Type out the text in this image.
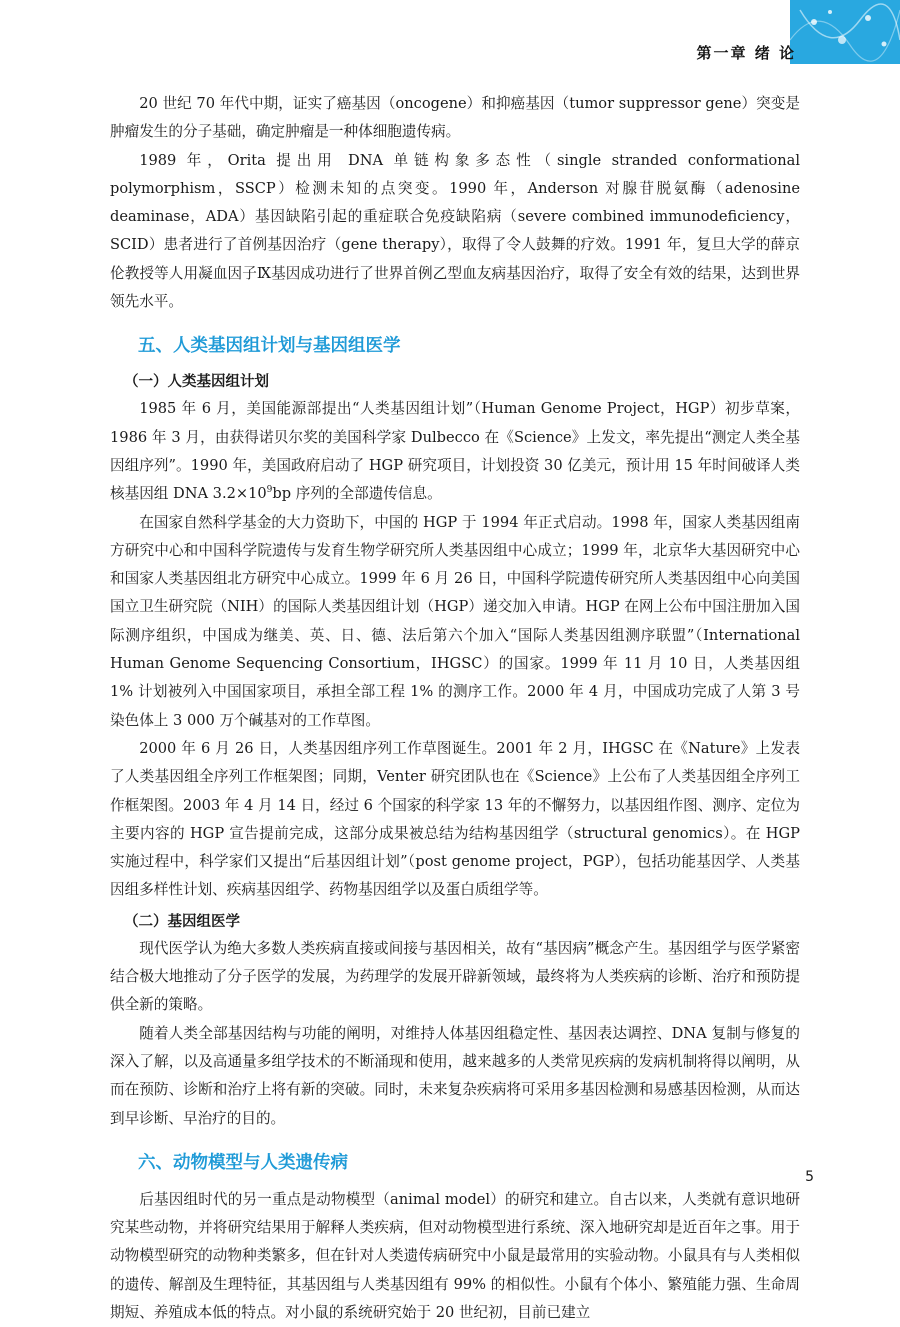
第一章 绪 论

20 世纪 70 年代中期，证实了癌基因（oncogene）和抑癌基因（tumor suppressor gene）突变是肿瘤发生的分子基础，确定肿瘤是一种体细胞遗传病。

1989 年，Orita 提出用 DNA 单链构象多态性（single stranded conformational polymorphism，SSCP）检测未知的点突变。1990 年，Anderson 对腺苷脱氨酶（adenosine deaminase，ADA）基因缺陷引起的重症联合免疫缺陷病（severe combined immunodeficiency，SCID）患者进行了首例基因治疗（gene therapy），取得了令人鼓舞的疗效。1991 年，复旦大学的薛京伦教授等人用凝血因子Ⅸ基因成功进行了世界首例乙型血友病基因治疗，取得了安全有效的结果，达到世界领先水平。

五、人类基因组计划与基因组医学
（一）人类基因组计划

1985 年 6 月，美国能源部提出“人类基因组计划”（Human Genome Project，HGP）初步草案，1986 年 3 月，由获得诺贝尔奖的美国科学家 Dulbecco 在《Science》上发文，率先提出“测定人类全基因组序列”。1990 年，美国政府启动了 HGP 研究项目，计划投资 30 亿美元，预计用 15 年时间破译人类核基因组 DNA $3.2\times 10^9bp$ 序列的全部遗传信息。

在国家自然科学基金的大力资助下，中国的 HGP 于 1994 年正式启动。1998 年，国家人类基因组南方研究中心和中国科学院遗传与发育生物学研究所人类基因组中心成立；1999 年，北京华大基因研究中心和国家人类基因组北方研究中心成立。1999 年 6 月 26 日，中国科学院遗传研究所人类基因组中心向美国国立卫生研究院（NIH）的国际人类基因组计划（HGP）递交加入申请。HGP 在网上公布中国注册加入国际测序组织，中国成为继美、英、日、德、法后第六个加入“国际人类基因组测序联盟”（International Human Genome Sequencing Consortium，IHGSC）的国家。1999 年 11 月 10 日，人类基因组 1% 计划被列入中国国家项目，承担全部工程 1% 的测序工作。2000 年 4 月，中国成功完成了人第 3 号染色体上 3 000 万个碱基对的工作草图。

2000 年 6 月 26 日，人类基因组序列工作草图诞生。2001 年 2 月，IHGSC 在《Nature》上发表了人类基因组全序列工作框架图；同期，Venter 研究团队也在《Science》上公布了人类基因组全序列工作框架图。2003 年 4 月 14 日，经过 6 个国家的科学家 13 年的不懈努力，以基因组作图、测序、定位为主要内容的 HGP 宣告提前完成，这部分成果被总结为结构基因组学（structural genomics）。在 HGP 实施过程中，科学家们又提出“后基因组计划”（post genome project，PGP），包括功能基因学、人类基因组多样性计划、疾病基因组学、药物基因组学以及蛋白质组学等。

（二）基因组医学

现代医学认为绝大多数人类疾病直接或间接与基因相关，故有“基因病”概念产生。基因组学与医学紧密结合极大地推动了分子医学的发展，为药理学的发展开辟新领域，最终将为人类疾病的诊断、治疗和预防提供全新的策略。

随着人类全部基因结构与功能的阐明，对维持人体基因组稳定性、基因表达调控、DNA 复制与修复的深入了解，以及高通量多组学技术的不断涌现和使用，越来越多的人类常见疾病的发病机制将得以阐明，从而在预防、诊断和治疗上将有新的突破。同时，未来复杂疾病将可采用多基因检测和易感基因检测，从而达到早诊断、早治疗的目的。

六、动物模型与人类遗传病

后基因组时代的另一重点是动物模型（animal model）的研究和建立。自古以来，人类就有意识地研究某些动物，并将研究结果用于解释人类疾病，但对动物模型进行系统、深入地研究却是近百年之事。用于动物模型研究的动物种类繁多，但在针对人类遗传病研究中小鼠是最常用的实验动物。小鼠具有与人类相似的遗传、解剖及生理特征，其基因组与人类基因组有 99% 的相似性。小鼠有个体小、繁殖能力强、生命周期短、养殖成本低的特点。对小鼠的系统研究始于 20 世纪初，目前已建立

5
